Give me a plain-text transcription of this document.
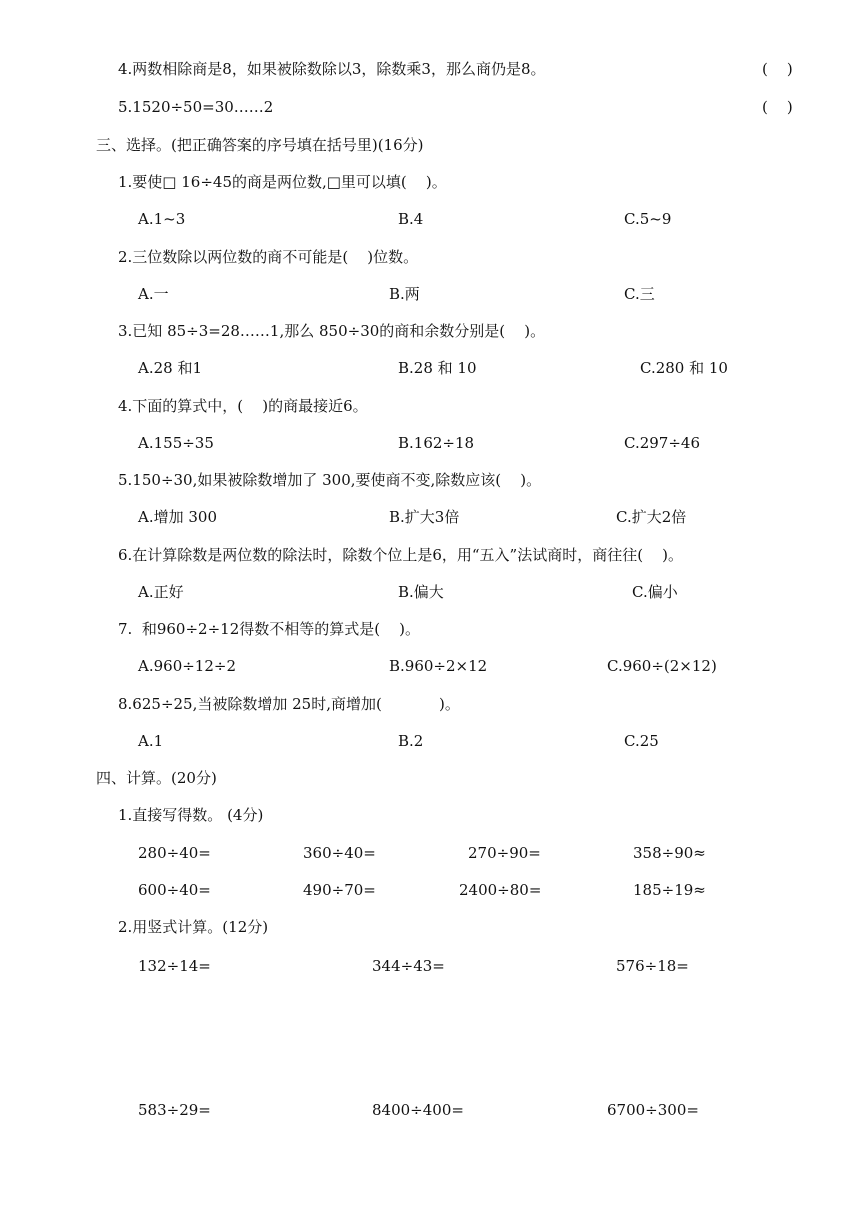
4.两数相除商是8，如果被除数除以3，除数乘3，那么商仍是8。	(    )
5.1520÷50=30……2	(    )
三、选择。(把正确答案的序号填在括号里)(16分)
1.要使□ 16÷45的商是两位数,□里可以填(    )。
A.1~3	B.4	C.5~9
2.三位数除以两位数的商不可能是(    )位数。
A.一	B.两	C.三
3.已知 85÷3=28……1,那么 850÷30的商和余数分别是(    )。
A.28 和1	B.28 和 10	C.280 和 10
4.下面的算式中，(    )的商最接近6。
A.155÷35	B.162÷18	C.297÷46
5.150÷30,如果被除数增加了 300,要使商不变,除数应该(    )。
A.增加 300	B.扩大3倍	C.扩大2倍
6.在计算除数是两位数的除法时，除数个位上是6，用“五入”法试商时，商往往(    )。
A.正好	B.偏大	C.偏小
7.  和960÷2÷12得数不相等的算式是(    )。
A.960÷12÷2	B.960÷2×12	C.960÷(2×12)
8.625÷25,当被除数增加 25时,商增加(            )。
A.1	B.2	C.25
四、计算。(20分)
1.直接写得数。 (4分)
280÷40=	360÷40=	270÷90=	358÷90≈
600÷40=	490÷70=	2400÷80=	185÷19≈
2.用竖式计算。(12分)
132÷14=	344÷43=	576÷18=
583÷29=	8400÷400=	6700÷300=
